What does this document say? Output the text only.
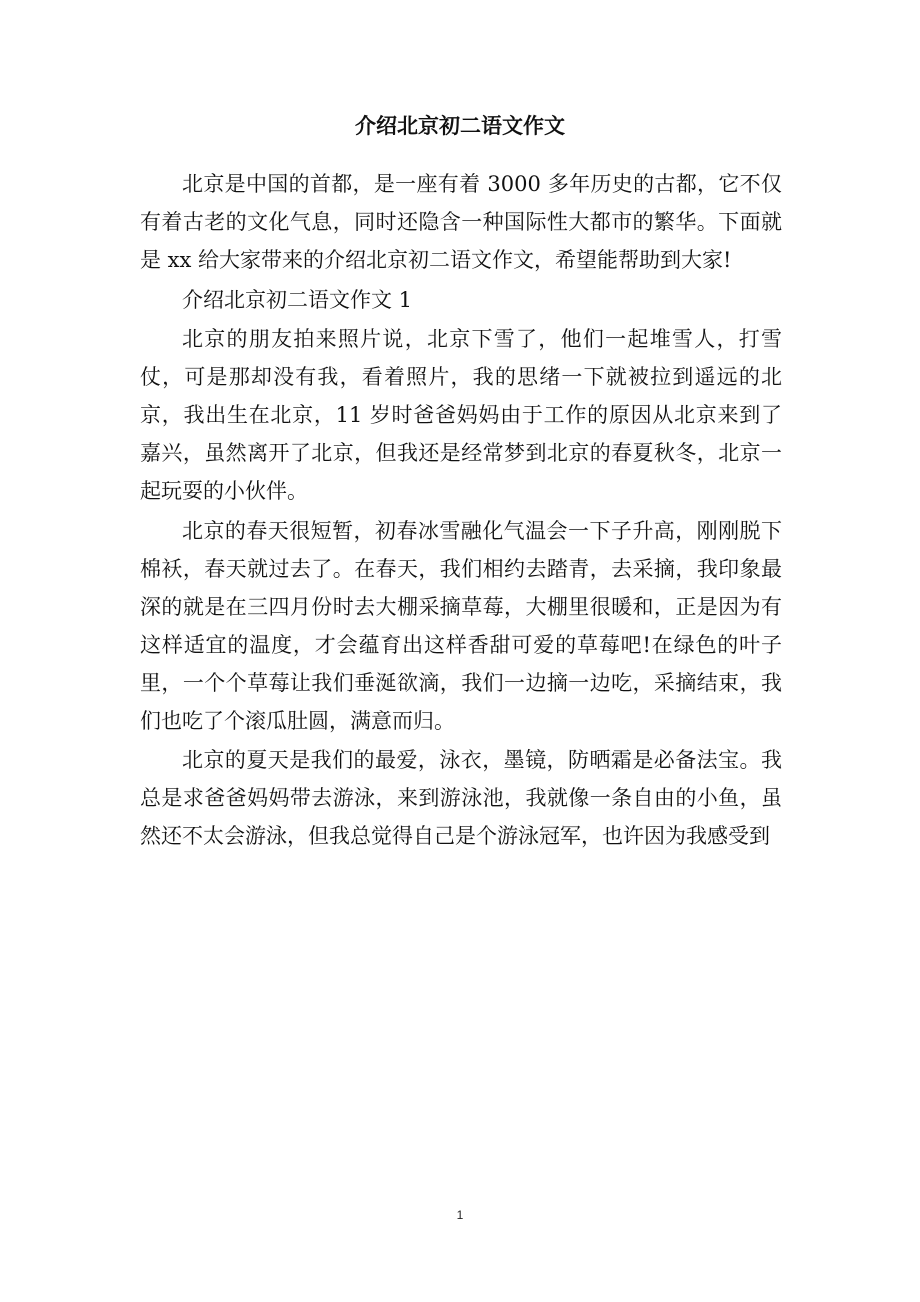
介绍北京初二语文作文

北京是中国的首都，是一座有着 3000 多年历史的古都，它不仅有着古老的文化气息，同时还隐含一种国际性大都市的繁华。下面就是 xx 给大家带来的介绍北京初二语文作文，希望能帮助到大家!

介绍北京初二语文作文 1

北京的朋友拍来照片说，北京下雪了，他们一起堆雪人，打雪仗，可是那却没有我，看着照片，我的思绪一下就被拉到遥远的北京，我出生在北京，11 岁时爸爸妈妈由于工作的原因从北京来到了嘉兴，虽然离开了北京，但我还是经常梦到北京的春夏秋冬，北京一起玩耍的小伙伴。

北京的春天很短暂，初春冰雪融化气温会一下子升高，刚刚脱下棉袄，春天就过去了。在春天，我们相约去踏青，去采摘，我印象最深的就是在三四月份时去大棚采摘草莓，大棚里很暖和，正是因为有这样适宜的温度，才会蕴育出这样香甜可爱的草莓吧!在绿色的叶子里，一个个草莓让我们垂涎欲滴，我们一边摘一边吃，采摘结束，我们也吃了个滚瓜肚圆，满意而归。

北京的夏天是我们的最爱，泳衣，墨镜，防晒霜是必备法宝。我总是求爸爸妈妈带去游泳，来到游泳池，我就像一条自由的小鱼，虽然还不太会游泳，但我总觉得自己是个游泳冠军，也许因为我感受到

1
